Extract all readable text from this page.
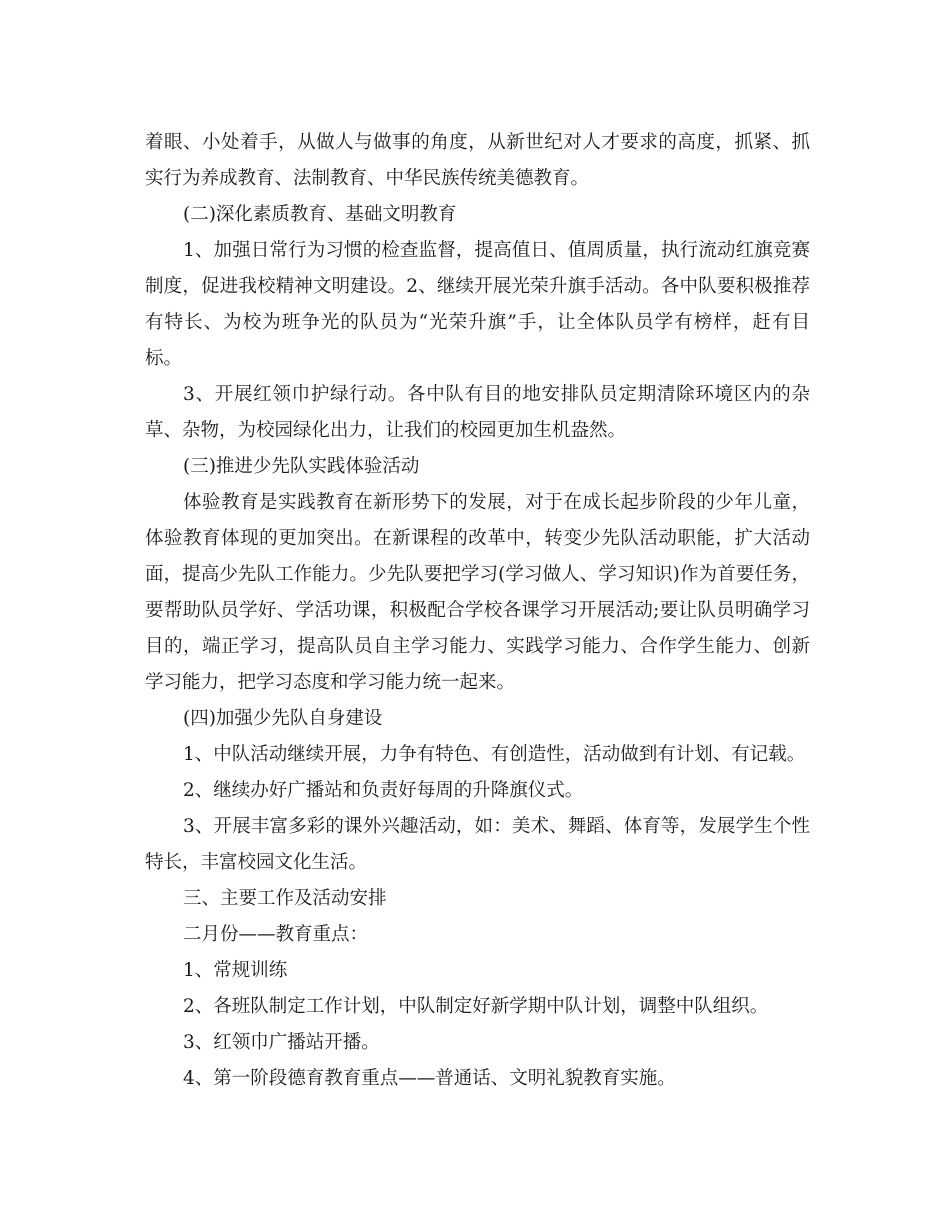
着眼、小处着手，从做人与做事的角度，从新世纪对人才要求的高度，抓紧、抓实行为养成教育、法制教育、中华民族传统美德教育。

(二)深化素质教育、基础文明教育

1、加强日常行为习惯的检查监督，提高值日、值周质量，执行流动红旗竞赛制度，促进我校精神文明建设。2、继续开展光荣升旗手活动。各中队要积极推荐有特长、为校为班争光的队员为“光荣升旗”手，让全体队员学有榜样，赶有目标。

3、开展红领巾护绿行动。各中队有目的地安排队员定期清除环境区内的杂草、杂物，为校园绿化出力，让我们的校园更加生机盎然。

(三)推进少先队实践体验活动

体验教育是实践教育在新形势下的发展，对于在成长起步阶段的少年儿童，体验教育体现的更加突出。在新课程的改革中，转变少先队活动职能，扩大活动面，提高少先队工作能力。少先队要把学习(学习做人、学习知识)作为首要任务，要帮助队员学好、学活功课，积极配合学校各课学习开展活动;要让队员明确学习目的，端正学习，提高队员自主学习能力、实践学习能力、合作学生能力、创新学习能力，把学习态度和学习能力统一起来。

(四)加强少先队自身建设

1、中队活动继续开展，力争有特色、有创造性，活动做到有计划、有记载。

2、继续办好广播站和负责好每周的升降旗仪式。

3、开展丰富多彩的课外兴趣活动，如：美术、舞蹈、体育等，发展学生个性特长，丰富校园文化生活。

三、主要工作及活动安排

二月份——教育重点：

1、常规训练

2、各班队制定工作计划，中队制定好新学期中队计划，调整中队组织。

3、红领巾广播站开播。

4、第一阶段德育教育重点——普通话、文明礼貌教育实施。
